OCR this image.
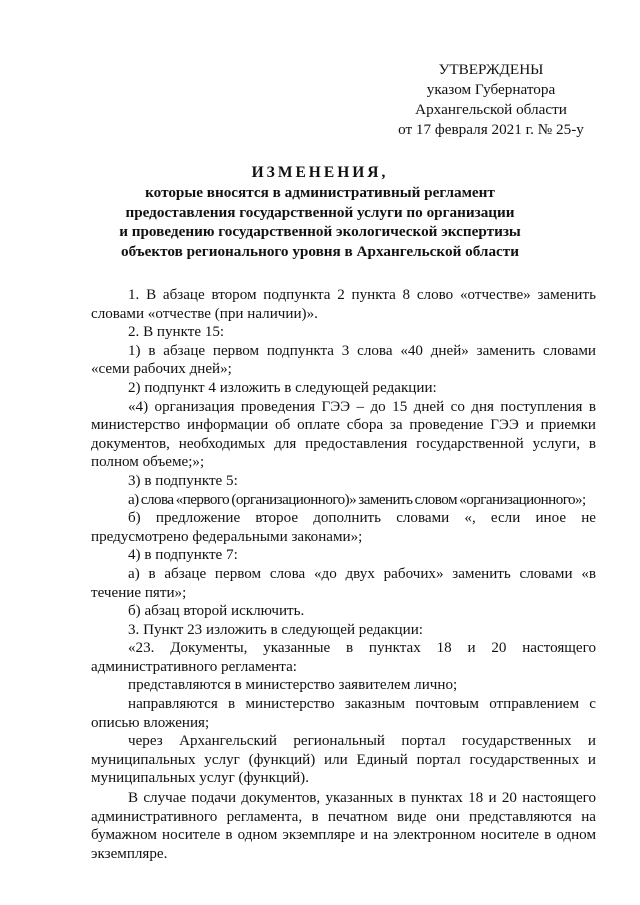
УТВЕРЖДЕНЫ
указом Губернатора
Архангельской области
от 17 февраля 2021 г. № 25-у
ИЗМЕНЕНИЯ,
которые вносятся в административный регламент
предоставления государственной услуги по организации
и проведению государственной экологической экспертизы
объектов регионального уровня в Архангельской области
1. В абзаце втором подпункта 2 пункта 8 слово «отчестве» заменить
словами «отчестве (при наличии)».
2. В пункте 15:
1) в абзаце первом подпункта 3 слова «40 дней» заменить словами
«семи рабочих дней»;
2) подпункт 4 изложить в следующей редакции:
«4) организация проведения ГЭЭ – до 15 дней со дня поступления в министерство информации об оплате сбора за проведение ГЭЭ и приемки документов, необходимых для предоставления государственной услуги, в полном объеме;»;
3) в подпункте 5:
а) слова «первого (организационного)» заменить словом «организационного»;
б) предложение второе дополнить словами «, если иное не предусмотрено федеральными законами»;
4) в подпункте 7:
а) в абзаце первом слова «до двух рабочих» заменить словами «в течение пяти»;
б) абзац второй исключить.
3. Пункт 23 изложить в следующей редакции:
«23. Документы, указанные в пунктах 18 и 20 настоящего административного регламента:
представляются в министерство заявителем лично;
направляются в министерство заказным почтовым отправлением с описью вложения;
через Архангельский региональный портал государственных и муниципальных услуг (функций) или Единый портал государственных и муниципальных услуг (функций).
В случае подачи документов, указанных в пунктах 18 и 20 настоящего административного регламента, в печатном виде они представляются на бумажном носителе в одном экземпляре и на электронном носителе в одном экземпляре.
